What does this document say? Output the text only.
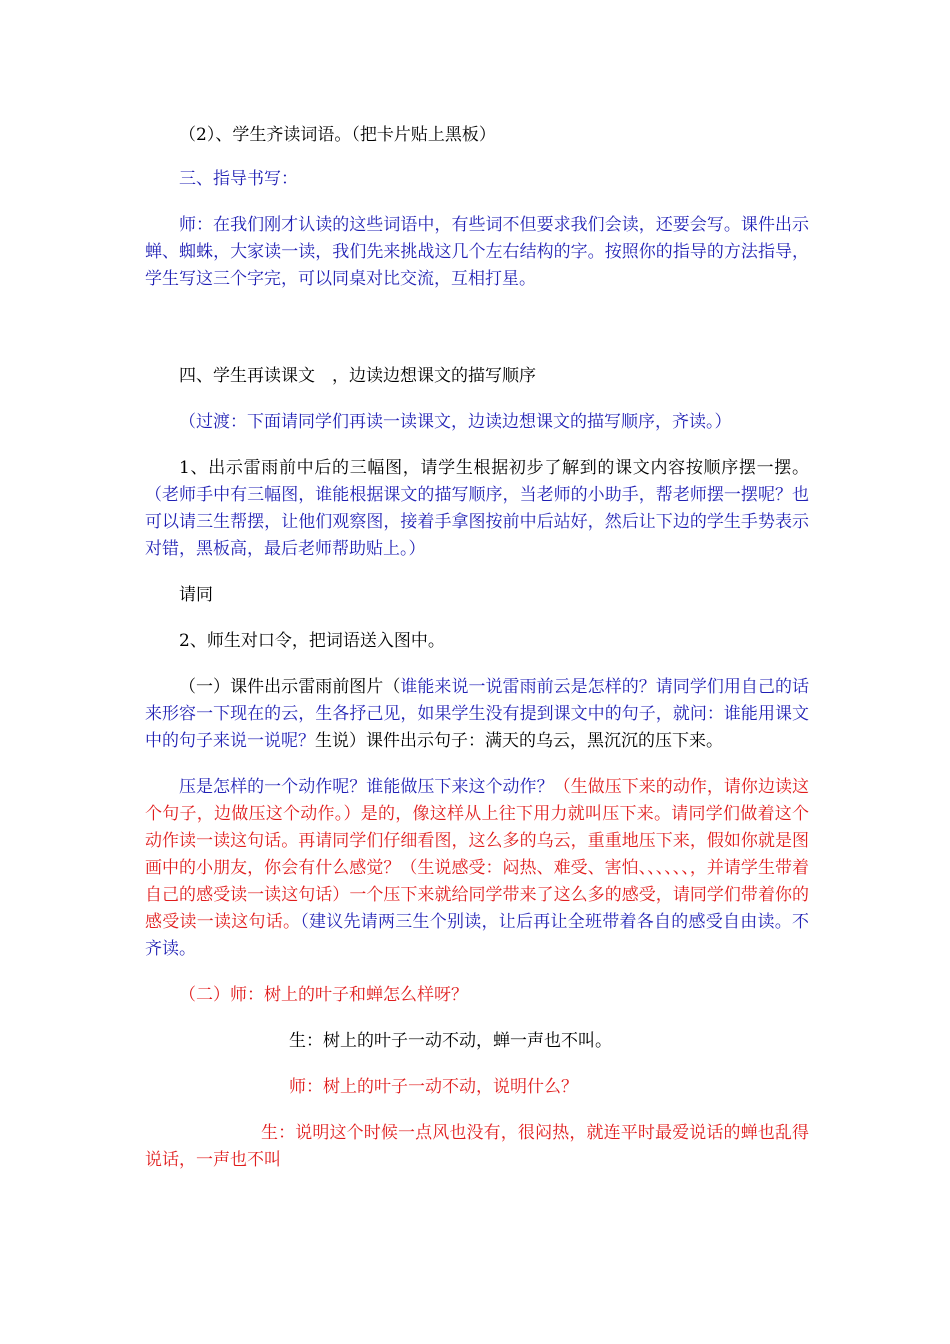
（2）、学生齐读词语。（把卡片贴上黑板）

三、指导书写：

师：在我们刚才认读的这些词语中，有些词不但要求我们会读，还要会写。课件出示蝉、蜘蛛，大家读一读，我们先来挑战这几个左右结构的字。按照你的指导的方法指导，学生写这三个字完，可以同桌对比交流，互相打星。

四、学生再读课文　，边读边想课文的描写顺序

（过渡：下面请同学们再读一读课文，边读边想课文的描写顺序，齐读。）

1、出示雷雨前中后的三幅图，请学生根据初步了解到的课文内容按顺序摆一摆。（老师手中有三幅图，谁能根据课文的描写顺序，当老师的小助手，帮老师摆一摆呢？也可以请三生帮摆，让他们观察图，接着手拿图按前中后站好，然后让下边的学生手势表示对错，黑板高，最后老师帮助贴上。）

请同

2、师生对口令，把词语送入图中。

（一）课件出示雷雨前图片（谁能来说一说雷雨前云是怎样的？请同学们用自己的话来形容一下现在的云，生各抒己见，如果学生没有提到课文中的句子，就问：谁能用课文中的句子来说一说呢？生说）课件出示句子：满天的乌云，黑沉沉的压下来。

压是怎样的一个动作呢？谁能做压下来这个动作？（生做压下来的动作，请你边读这个句子，边做压这个动作。）是的，像这样从上往下用力就叫压下来。请同学们做着这个动作读一读这句话。再请同学们仔细看图，这么多的乌云，重重地压下来，假如你就是图画中的小朋友，你会有什么感觉？（生说感受：闷热、难受、害怕、、、、、、，并请学生带着自己的感受读一读这句话）一个压下来就给同学带来了这么多的感受，请同学们带着你的感受读一读这句话。（建议先请两三生个别读，让后再让全班带着各自的感受自由读。不齐读。

（二）师：树上的叶子和蝉怎么样呀？

生：树上的叶子一动不动，蝉一声也不叫。

师：树上的叶子一动不动，说明什么？

生：说明这个时候一点风也没有，很闷热，就连平时最爱说话的蝉也乱得说话，一声也不叫
